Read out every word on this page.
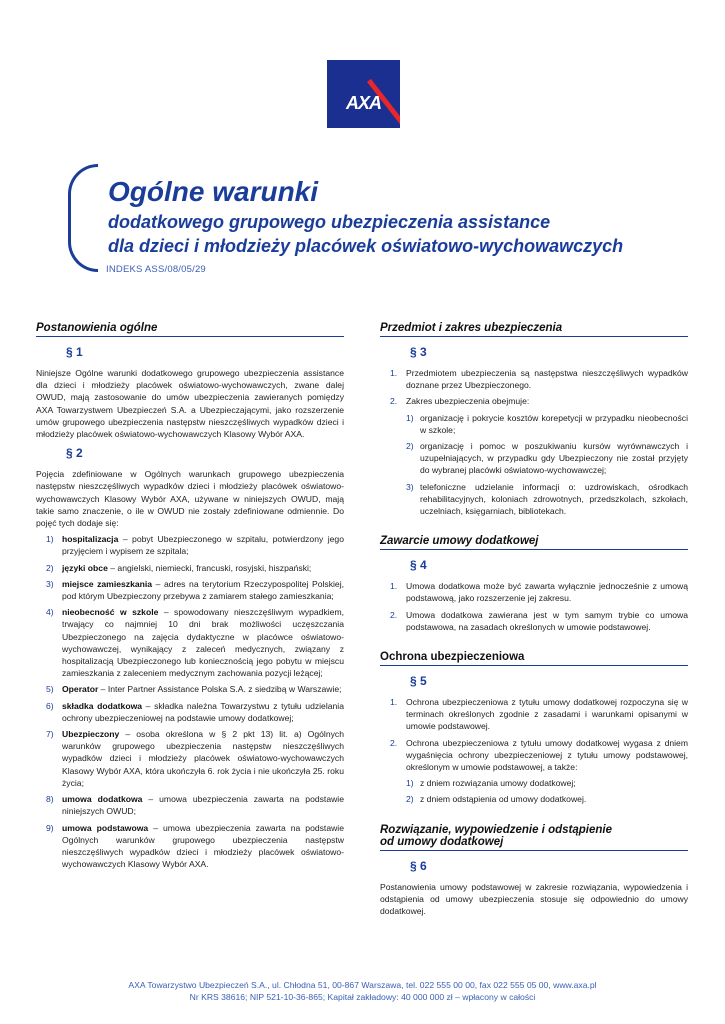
AXA
Ogólne warunki
dodatkowego grupowego ubezpieczenia assistance
dla dzieci i młodzieży placówek oświatowo-wychowawczych
INDEKS ASS/08/05/29
Postanowienia ogólne
§ 1

Niniejsze Ogólne warunki dodatkowego grupowego ubezpieczenia assistance dla dzieci i młodzieży placówek oświatowo-wychowawczych, zwane dalej OWUD, mają zastosowanie do umów ubezpieczenia zawieranych pomiędzy AXA Towarzystwem Ubezpieczeń S.A. a Ubezpieczającymi, jako rozszerzenie umów grupowego ubezpieczenia następstw nieszczęśliwych wypadków dzieci i młodzieży placówek oświatowo-wychowawczych Klasowy Wybór AXA.

§ 2

Pojęcia zdefiniowane w Ogólnych warunkach grupowego ubezpieczenia następstw nieszczęśliwych wypadków dzieci i młodzieży placówek oświatowo-wychowawczych Klasowy Wybór AXA, używane w niniejszych OWUD, mają takie samo znaczenie, o ile w OWUD nie zostały zdefiniowane odmiennie. Do pojęć tych dodaje się:

1) hospitalizacja – pobyt Ubezpieczonego w szpitalu, potwierdzony jego przyjęciem i wypisem ze szpitala;
2) języki obce – angielski, niemiecki, francuski, rosyjski, hiszpański;
3) miejsce zamieszkania – adres na terytorium Rzeczypospolitej Polskiej, pod którym Ubezpieczony przebywa z zamiarem stałego zamieszkania;
4) nieobecność w szkole – spowodowany nieszczęśliwym wypadkiem, trwający co najmniej 10 dni brak możliwości uczęszczania Ubezpieczonego na zajęcia dydaktyczne w placówce oświatowo-wychowawczej, wynikający z zaleceń medycznych, związany z hospitalizacją Ubezpieczonego lub koniecznością jego pobytu w miejscu zamieszkania z zaleceniem medycznym zachowania pozycji leżącej;
5) Operator – Inter Partner Assistance Polska S.A. z siedzibą w Warszawie;
6) składka dodatkowa – składka należna Towarzystwu z tytułu udzielania ochrony ubezpieczeniowej na podstawie umowy dodatkowej;
7) Ubezpieczony – osoba określona w § 2 pkt 13) lit. a) Ogólnych warunków grupowego ubezpieczenia następstw nieszczęśliwych wypadków dzieci i młodzieży placówek oświatowo-wychowawczych Klasowy Wybór AXA, która ukończyła 6. rok życia i nie ukończyła 25. roku życia;
8) umowa dodatkowa – umowa ubezpieczenia zawarta na podstawie niniejszych OWUD;
9) umowa podstawowa – umowa ubezpieczenia zawarta na podstawie Ogólnych warunków grupowego ubezpieczenia następstw nieszczęśliwych wypadków dzieci i młodzieży placówek oświatowo-wychowawczych Klasowy Wybór AXA.
Przedmiot i zakres ubezpieczenia
§ 3
1. Przedmiotem ubezpieczenia są następstwa nieszczęśliwych wypadków doznane przez Ubezpieczonego.
2. Zakres ubezpieczenia obejmuje:
1) organizację i pokrycie kosztów korepetycji w przypadku nieobecności w szkole;
2) organizację i pomoc w poszukiwaniu kursów wyrównawczych i uzupełniających, w przypadku gdy Ubezpieczony nie został przyjęty do wybranej placówki oświatowo-wychowawczej;
3) telefoniczne udzielanie informacji o: uzdrowiskach, ośrodkach rehabilitacyjnych, koloniach zdrowotnych, przedszkolach, szkołach, uczelniach, księgarniach, bibliotekach.
Zawarcie umowy dodatkowej
§ 4
1. Umowa dodatkowa może być zawarta wyłącznie jednocześnie z umową podstawową, jako rozszerzenie jej zakresu.
2. Umowa dodatkowa zawierana jest w tym samym trybie co umowa podstawowa, na zasadach określonych w umowie podstawowej.
Ochrona ubezpieczeniowa
§ 5
1. Ochrona ubezpieczeniowa z tytułu umowy dodatkowej rozpoczyna się w terminach określonych zgodnie z zasadami i warunkami opisanymi w umowie podstawowej.
2. Ochrona ubezpieczeniowa z tytułu umowy dodatkowej wygasa z dniem wygaśnięcia ochrony ubezpieczeniowej z tytułu umowy podstawowej, określonym w umowie podstawowej, a także:
1) z dniem rozwiązania umowy dodatkowej;
2) z dniem odstąpienia od umowy dodatkowej.
Rozwiązanie, wypowiedzenie i odstąpienie
od umowy dodatkowej
§ 6

Postanowienia umowy podstawowej w zakresie rozwiązania, wypowiedzenia i odstąpienia od umowy ubezpieczenia stosuje się odpowiednio do umowy dodatkowej.

AXA Towarzystwo Ubezpieczeń S.A., ul. Chłodna 51, 00-867 Warszawa, tel. 022 555 00 00, fax 022 555 05 00, www.axa.pl
Nr KRS 38616; NIP 521-10-36-865; Kapitał zakładowy: 40 000 000 zł – wpłacony w całości
